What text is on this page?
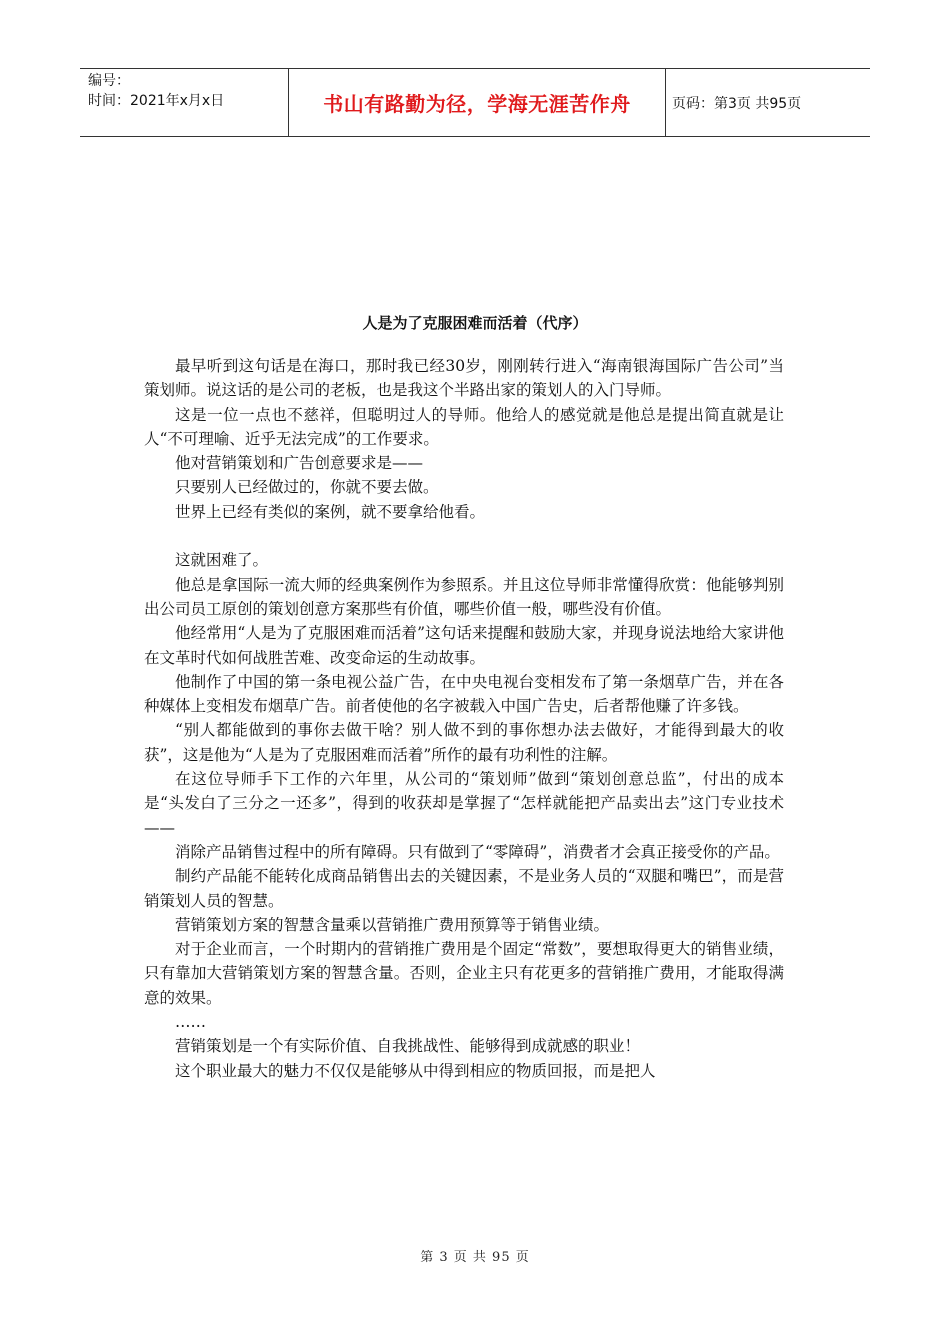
编号：
时间：2021年x月x日	书山有路勤为径，学海无涯苦作舟	页码：第3页 共95页
人是为了克服困难而活着（代序）

最早听到这句话是在海口，那时我已经30岁，刚刚转行进入“海南银海国际广告公司”当策划师。说这话的是公司的老板，也是我这个半路出家的策划人的入门导师。

这是一位一点也不慈祥，但聪明过人的导师。他给人的感觉就是他总是提出简直就是让人“不可理喻、近乎无法完成”的工作要求。

他对营销策划和广告创意要求是——

只要别人已经做过的，你就不要去做。

世界上已经有类似的案例，就不要拿给他看。

这就困难了。

他总是拿国际一流大师的经典案例作为参照系。并且这位导师非常懂得欣赏：他能够判别出公司员工原创的策划创意方案那些有价值，哪些价值一般，哪些没有价值。

他经常用“人是为了克服困难而活着”这句话来提醒和鼓励大家，并现身说法地给大家讲他在文革时代如何战胜苦难、改变命运的生动故事。

他制作了中国的第一条电视公益广告，在中央电视台变相发布了第一条烟草广告，并在各种媒体上变相发布烟草广告。前者使他的名字被载入中国广告史，后者帮他赚了许多钱。

“别人都能做到的事你去做干啥？别人做不到的事你想办法去做好，才能得到最大的收获”，这是他为“人是为了克服困难而活着”所作的最有功利性的注解。

在这位导师手下工作的六年里，从公司的“策划师”做到“策划创意总监”，付出的成本是“头发白了三分之一还多”，得到的收获却是掌握了“怎样就能把产品卖出去”这门专业技术——

消除产品销售过程中的所有障碍。只有做到了“零障碍”，消费者才会真正接受你的产品。

制约产品能不能转化成商品销售出去的关键因素，不是业务人员的“双腿和嘴巴”，而是营销策划人员的智慧。

营销策划方案的智慧含量乘以营销推广费用预算等于销售业绩。

对于企业而言，一个时期内的营销推广费用是个固定“常数”，要想取得更大的销售业绩，只有靠加大营销策划方案的智慧含量。否则，企业主只有花更多的营销推广费用，才能取得满意的效果。

……

营销策划是一个有实际价值、自我挑战性、能够得到成就感的职业！

这个职业最大的魅力不仅仅是能够从中得到相应的物质回报，而是把人

第 3 页 共 95 页
